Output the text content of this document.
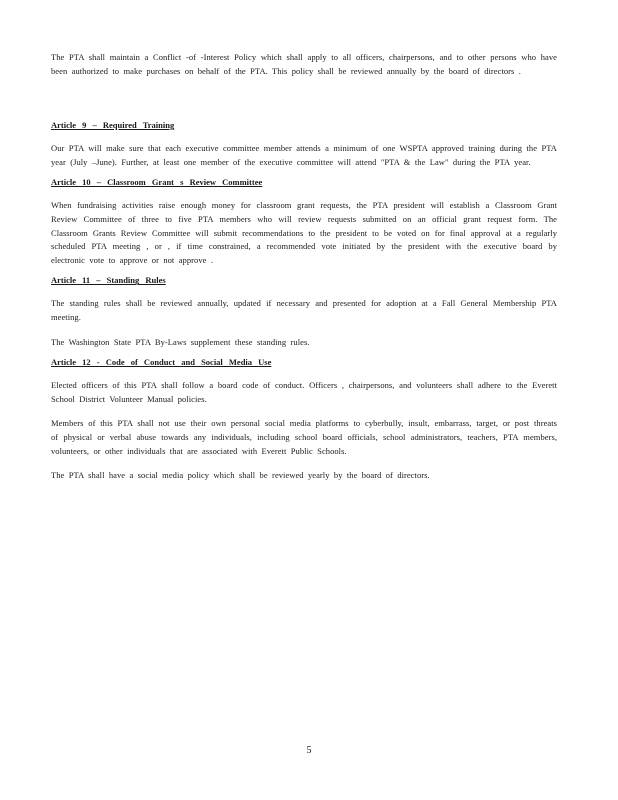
The PTA shall maintain a Conflict -of -Interest Policy which shall apply to all officers, chairpersons, and to other persons who have been authorized to make purchases on behalf of the PTA. This policy shall be reviewed annually by the board of directors .

Article 9 – Required Training

Our PTA will make sure that each executive committee member attends a minimum of one WSPTA approved training during the PTA year (July –June). Further, at least one member of the executive committee will attend "PTA & the Law" during the PTA year.

Article 10 – Classroom Grant s Review Committee

When fundraising activities raise enough money for classroom grant requests, the PTA president will establish a Classroom Grant Review Committee of three to five PTA members who will review requests submitted on an official grant request form. The Classroom Grants Review Committee will submit recommendations to the president to be voted on for final approval at a regularly scheduled PTA meeting , or , if time constrained, a recommended vote initiated by the president with the executive board by electronic vote to approve or not approve .

Article 11 – Standing Rules

The standing rules shall be reviewed annually, updated if necessary and presented for adoption at a Fall General Membership PTA meeting.

The Washington State PTA By-Laws supplement these standing rules.

Article 12 - Code of Conduct and Social Media Use

Elected officers of this PTA shall follow a board code of conduct. Officers , chairpersons, and volunteers shall adhere to the Everett School District Volunteer Manual policies.

Members of this PTA shall not use their own personal social media platforms to cyberbully, insult, embarrass, target, or post threats of physical or verbal abuse towards any individuals, including school board officials, school administrators, teachers, PTA members, volunteers, or other individuals that are associated with Everett Public Schools.

The PTA shall have a social media policy which shall be reviewed yearly by the board of directors.

5
